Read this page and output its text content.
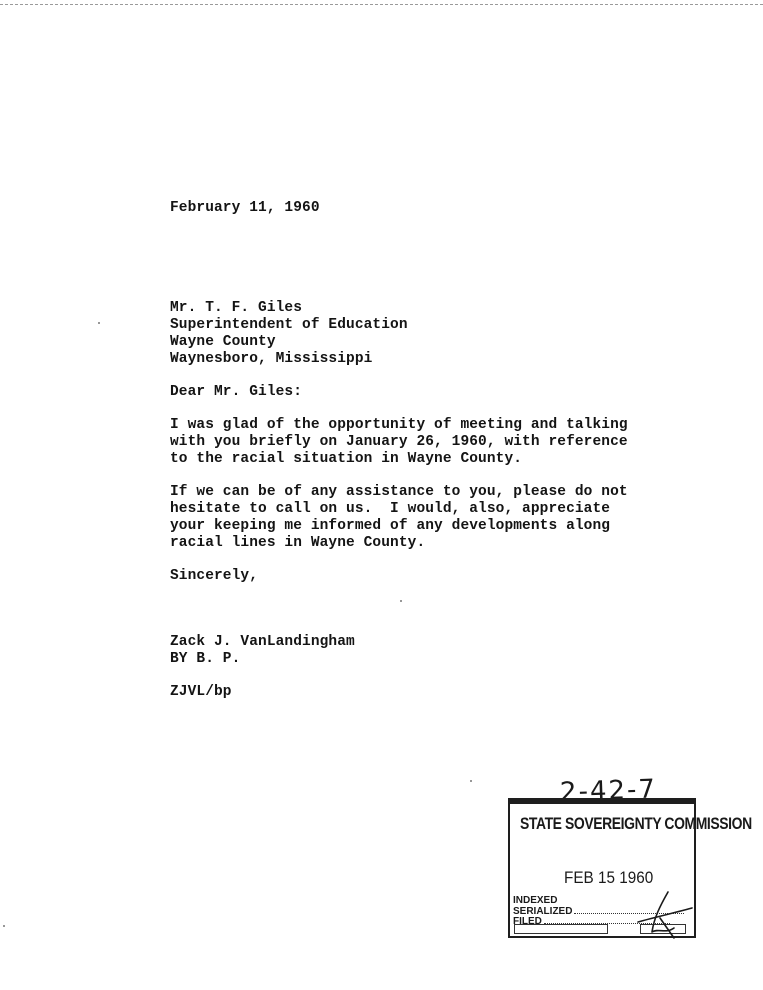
February 11, 1960
Mr. T. F. Giles
Superintendent of Education
Wayne County
Waynesboro, Mississippi
Dear Mr. Giles:
I was glad of the opportunity of meeting and talking
with you briefly on January 26, 1960, with reference
to the racial situation in Wayne County.
If we can be of any assistance to you, please do not
hesitate to call on us.  I would, also, appreciate
your keeping me informed of any developments along
racial lines in Wayne County.
Sincerely,
Zack J. VanLandingham
BY B. P.
ZJVL/bp
2-42-7
STATE SOVEREIGNTY COMMISSION
FEB 15 1960
INDEXED
SERIALIZED
FILED
